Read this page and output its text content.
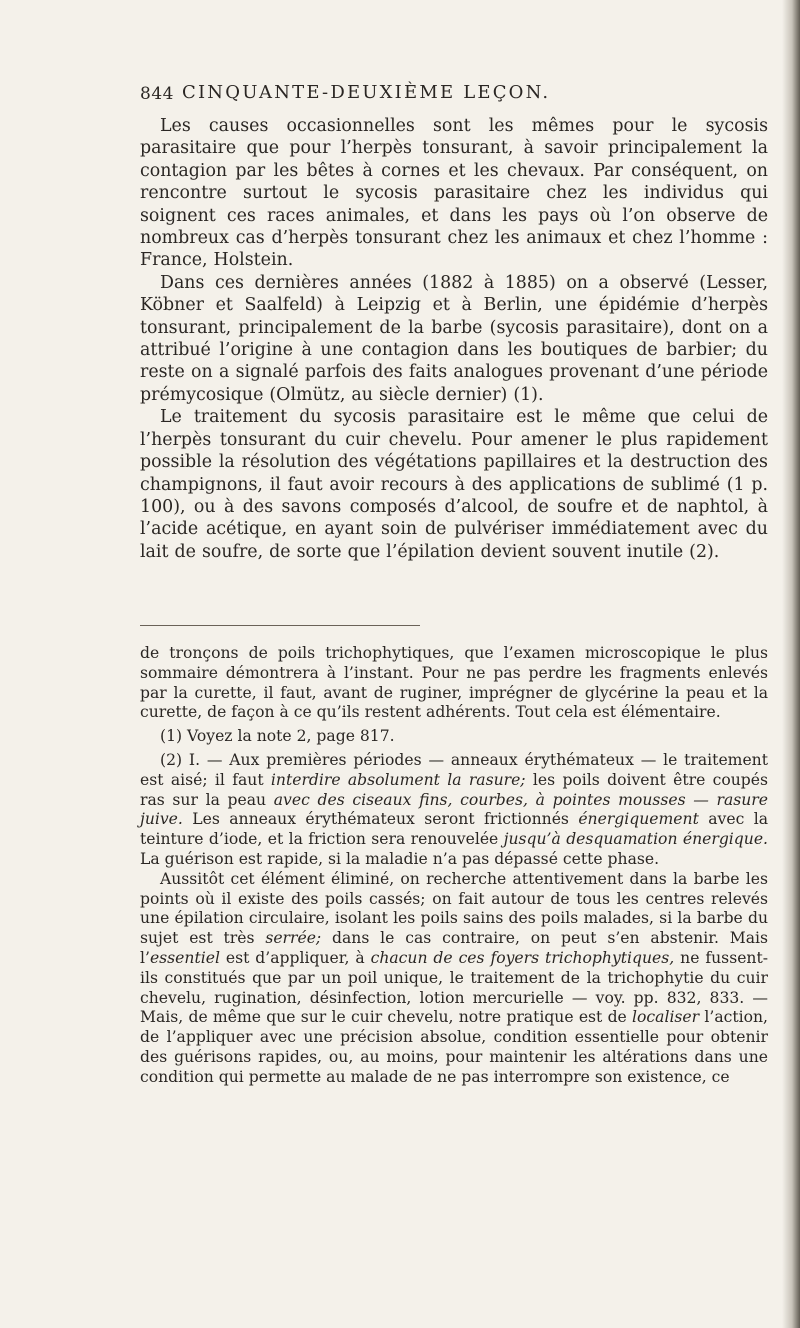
844 CINQUANTE-DEUXIÈME LEÇON.

Les causes occasionnelles sont les mêmes pour le sycosis parasitaire que pour l’herpès tonsurant, à savoir principalement la contagion par les bêtes à cornes et les chevaux. Par conséquent, on rencontre surtout le sycosis parasitaire chez les individus qui soignent ces races animales, et dans les pays où l’on observe de nombreux cas d’herpès tonsurant chez les animaux et chez l’homme : France, Holstein.

Dans ces dernières années (1882 à 1885) on a observé (Lesser, Köbner et Saalfeld) à Leipzig et à Berlin, une épidémie d’herpès tonsurant, principalement de la barbe (sycosis parasitaire), dont on a attribué l’origine à une contagion dans les boutiques de barbier; du reste on a signalé parfois des faits analogues provenant d’une période prémycosique (Olmütz, au siècle dernier) (1).

Le traitement du sycosis parasitaire est le même que celui de l’herpès tonsurant du cuir chevelu. Pour amener le plus rapidement possible la résolution des végétations papillaires et la destruction des champignons, il faut avoir recours à des applications de sublimé (1 p. 100), ou à des savons composés d’alcool, de soufre et de naphtol, à l’acide acétique, en ayant soin de pulvériser immédiatement avec du lait de soufre, de sorte que l’épilation devient souvent inutile (2).

de tronçons de poils trichophytiques, que l’examen microscopique le plus sommaire démontrera à l’instant. Pour ne pas perdre les fragments enlevés par la curette, il faut, avant de ruginer, imprégner de glycérine la peau et la curette, de façon à ce qu’ils restent adhérents. Tout cela est élémentaire.

(1) Voyez la note 2, page 817.

(2) I. — Aux premières périodes — anneaux érythémateux — le traitement est aisé; il faut interdire absolument la rasure; les poils doivent être coupés ras sur la peau avec des ciseaux fins, courbes, à pointes mousses — rasure juive. Les anneaux érythémateux seront frictionnés énergiquement avec la teinture d’iode, et la friction sera renouvelée jusqu’à desquamation énergique. La guérison est rapide, si la maladie n’a pas dépassé cette phase.

Aussitôt cet élément éliminé, on recherche attentivement dans la barbe les points où il existe des poils cassés; on fait autour de tous les centres relevés une épilation circulaire, isolant les poils sains des poils malades, si la barbe du sujet est très serrée; dans le cas contraire, on peut s’en abstenir. Mais l’essentiel est d’appliquer, à chacun de ces foyers trichophytiques, ne fussent-ils constitués que par un poil unique, le traitement de la trichophytie du cuir chevelu, rugination, désinfection, lotion mercurielle — voy. pp. 832, 833. — Mais, de même que sur le cuir chevelu, notre pratique est de localiser l’action, de l’appliquer avec une précision absolue, condition essentielle pour obtenir des guérisons rapides, ou, au moins, pour maintenir les altérations dans une condition qui permette au malade de ne pas interrompre son existence, ce
